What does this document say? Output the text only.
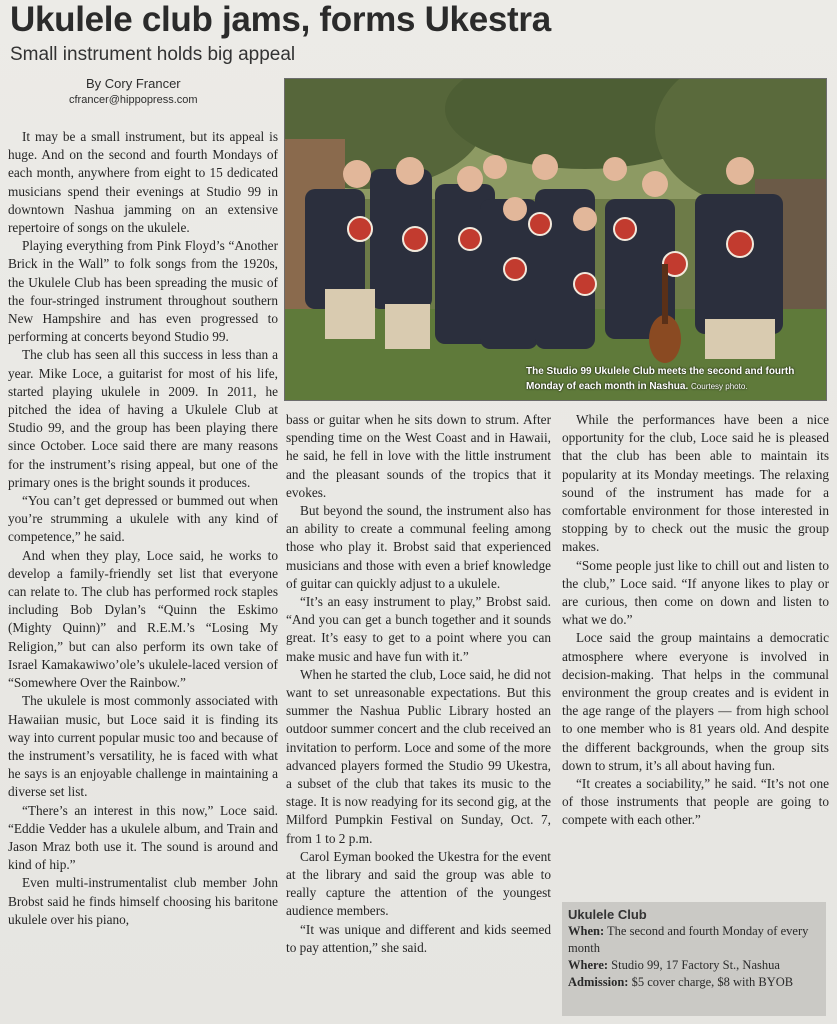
Ukulele club jams, forms Ukestra
Small instrument holds big appeal
By Cory Francer
cfrancer@hippopress.com

It may be a small instrument, but its appeal is huge. And on the second and fourth Mondays of each month, anywhere from eight to 15 dedicated musicians spend their evenings at Studio 99 in downtown Nashua jamming on an extensive repertoire of songs on the ukulele.

Playing everything from Pink Floyd’s “Another Brick in the Wall” to folk songs from the 1920s, the Ukulele Club has been spreading the music of the four-stringed instrument throughout southern New Hampshire and has even progressed to performing at concerts beyond Studio 99.

The club has seen all this success in less than a year. Mike Loce, a guitarist for most of his life, started playing ukulele in 2009. In 2011, he pitched the idea of having a Ukulele Club at Studio 99, and the group has been playing there since October. Loce said there are many reasons for the instrument’s rising appeal, but one of the primary ones is the bright sounds it produces.

“You can’t get depressed or bummed out when you’re strumming a ukulele with any kind of competence,” he said.

And when they play, Loce said, he works to develop a family-friendly set list that everyone can relate to. The club has performed rock staples including Bob Dylan’s “Quinn the Eskimo (Mighty Quinn)” and R.E.M.’s “Losing My Religion,” but can also perform its own take of Israel Kamakawiwo’ole’s ukulele-laced version of “Somewhere Over the Rainbow.”

The ukulele is most commonly associated with Hawaiian music, but Loce said it is finding its way into current popular music too and because of the instrument’s versatility, he is faced with what he says is an enjoyable challenge in maintaining a diverse set list.

“There’s an interest in this now,” Loce said. “Eddie Vedder has a ukulele album, and Train and Jason Mraz both use it. The sound is around and kind of hip.”

Even multi-instrumentalist club member John Brobst said he finds himself choosing his baritone ukulele over his piano,

The Studio 99 Ukulele Club meets the second and fourth Monday of each month in Nashua. Courtesy photo.

bass or guitar when he sits down to strum. After spending time on the West Coast and in Hawaii, he said, he fell in love with the little instrument and the pleasant sounds of the tropics that it evokes.

But beyond the sound, the instrument also has an ability to create a communal feeling among those who play it. Brobst said that experienced musicians and those with even a brief knowledge of guitar can quickly adjust to a ukulele.

“It’s an easy instrument to play,” Brobst said. “And you can get a bunch together and it sounds great. It’s easy to get to a point where you can make music and have fun with it.”

When he started the club, Loce said, he did not want to set unreasonable expectations. But this summer the Nashua Public Library hosted an outdoor summer concert and the club received an invitation to perform. Loce and some of the more advanced players formed the Studio 99 Ukestra, a subset of the club that takes its music to the stage. It is now readying for its second gig, at the Milford Pumpkin Festival on Sunday, Oct. 7, from 1 to 2 p.m.

Carol Eyman booked the Ukestra for the event at the library and said the group was able to really capture the attention of the youngest audience members.

“It was unique and different and kids seemed to pay attention,” she said.

While the performances have been a nice opportunity for the club, Loce said he is pleased that the club has been able to maintain its popularity at its Monday meetings. The relaxing sound of the instrument has made for a comfortable environment for those interested in stopping by to check out the music the group makes.

“Some people just like to chill out and listen to the club,” Loce said. “If anyone likes to play or are curious, then come on down and listen to what we do.”

Loce said the group maintains a democratic atmosphere where everyone is involved in decision-making. That helps in the communal environment the group creates and is evident in the age range of the players — from high school to one member who is 81 years old. And despite the different backgrounds, when the group sits down to strum, it’s all about having fun.

“It creates a sociability,” he said. “It’s not one of those instruments that people are going to compete with each other.”

Ukulele Club
When: The second and fourth Monday of every month
Where: Studio 99, 17 Factory St., Nashua
Admission: $5 cover charge, $8 with BYOB
